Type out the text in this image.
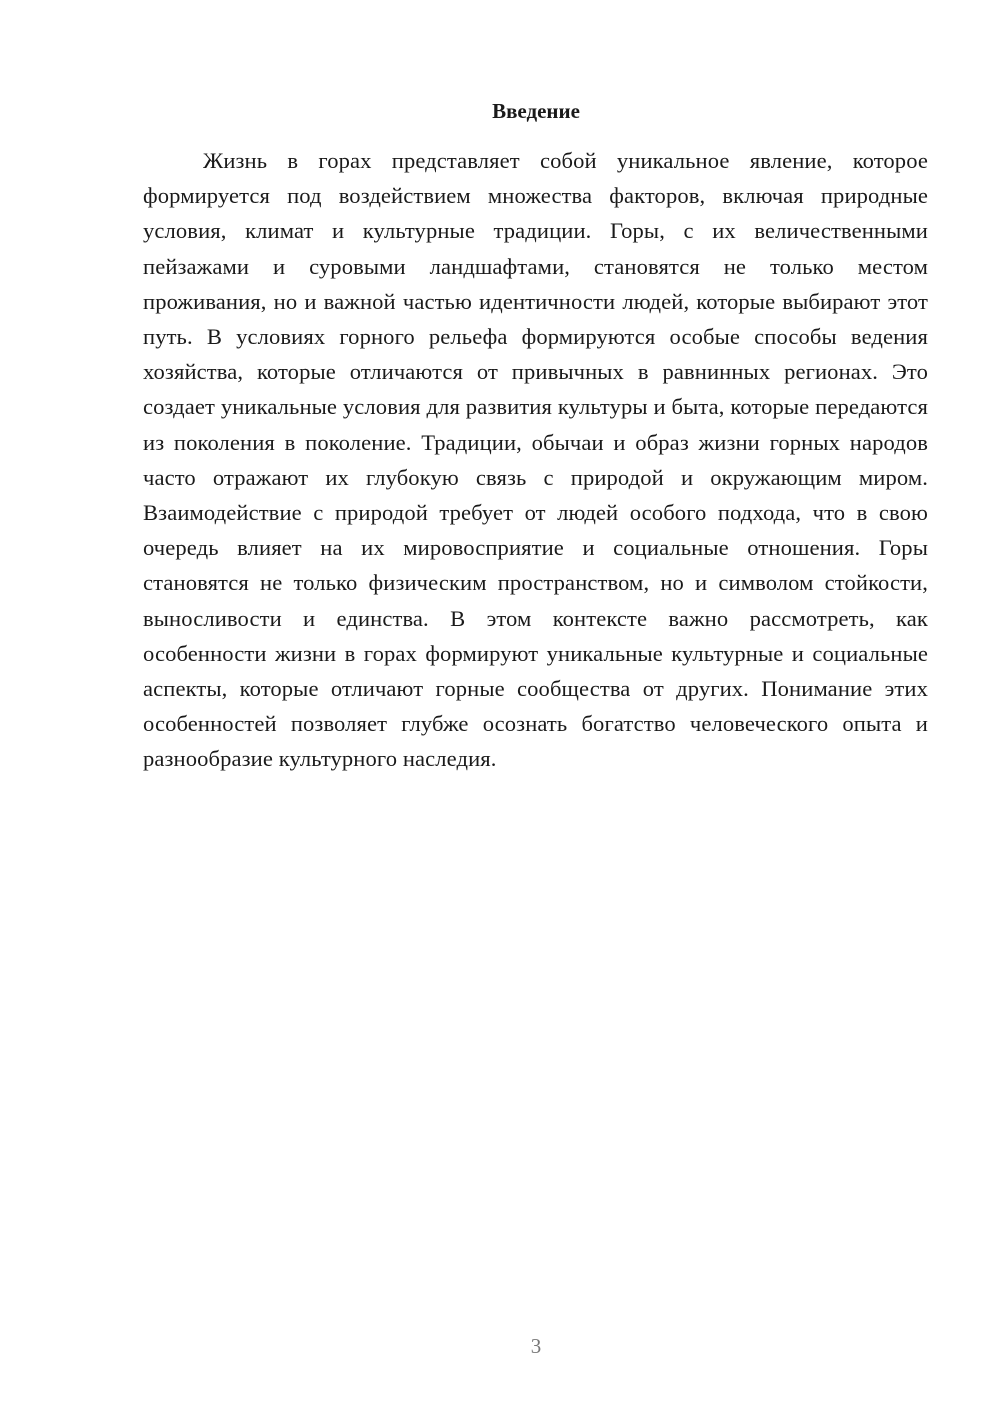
Введение

Жизнь в горах представляет собой уникальное явление, которое формируется под воздействием множества факторов, включая природные условия, климат и культурные традиции. Горы, с их величественными пейзажами и суровыми ландшафтами, становятся не только местом проживания, но и важной частью идентичности людей, которые выбирают этот путь. В условиях горного рельефа формируются особые способы ведения хозяйства, которые отличаются от привычных в равнинных регионах. Это создает уникальные условия для развития культуры и быта, которые передаются из поколения в поколение. Традиции, обычаи и образ жизни горных народов часто отражают их глубокую связь с природой и окружающим миром. Взаимодействие с природой требует от людей особого подхода, что в свою очередь влияет на их мировосприятие и социальные отношения. Горы становятся не только физическим пространством, но и символом стойкости, выносливости и единства. В этом контексте важно рассмотреть, как особенности жизни в горах формируют уникальные культурные и социальные аспекты, которые отличают горные сообщества от других. Понимание этих особенностей позволяет глубже осознать богатство человеческого опыта и разнообразие культурного наследия.

3
